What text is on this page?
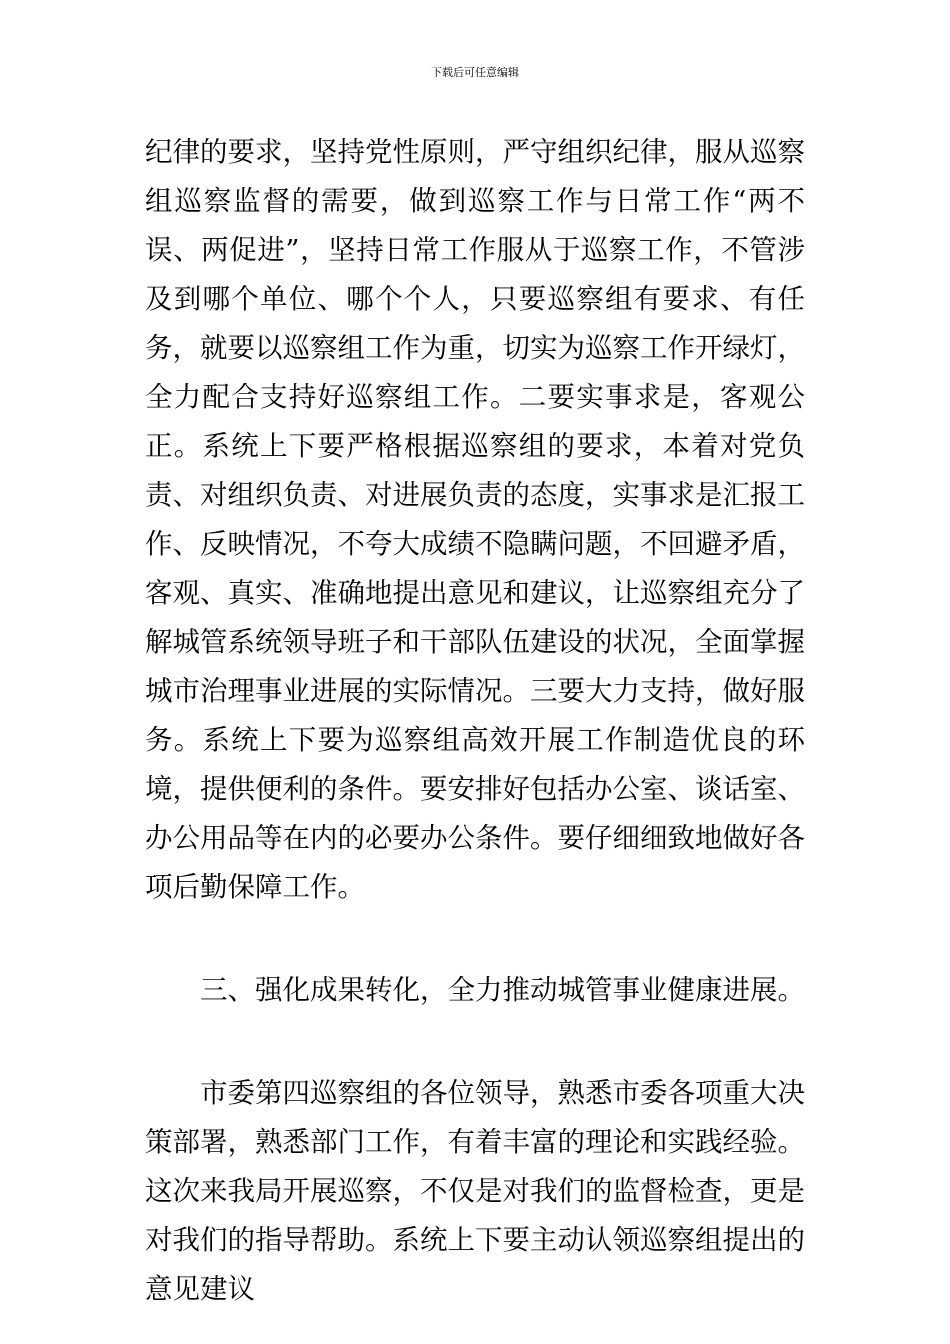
下载后可任意编辑

纪律的要求，坚持党性原则，严守组织纪律，服从巡察组巡察监督的需要，做到巡察工作与日常工作“两不误、两促进”，坚持日常工作服从于巡察工作，不管涉及到哪个单位、哪个个人，只要巡察组有要求、有任务，就要以巡察组工作为重，切实为巡察工作开绿灯，全力配合支持好巡察组工作。二要实事求是，客观公正。系统上下要严格根据巡察组的要求，本着对党负责、对组织负责、对进展负责的态度，实事求是汇报工作、反映情况，不夸大成绩不隐瞒问题，不回避矛盾，客观、真实、准确地提出意见和建议，让巡察组充分了解城管系统领导班子和干部队伍建设的状况，全面掌握城市治理事业进展的实际情况。三要大力支持，做好服务。系统上下要为巡察组高效开展工作制造优良的环境，提供便利的条件。要安排好包括办公室、谈话室、办公用品等在内的必要办公条件。要仔细细致地做好各项后勤保障工作。

三、强化成果转化，全力推动城管事业健康进展。

市委第四巡察组的各位领导，熟悉市委各项重大决策部署，熟悉部门工作，有着丰富的理论和实践经验。这次来我局开展巡察，不仅是对我们的监督检查，更是对我们的指导帮助。系统上下要主动认领巡察组提出的意见建议
